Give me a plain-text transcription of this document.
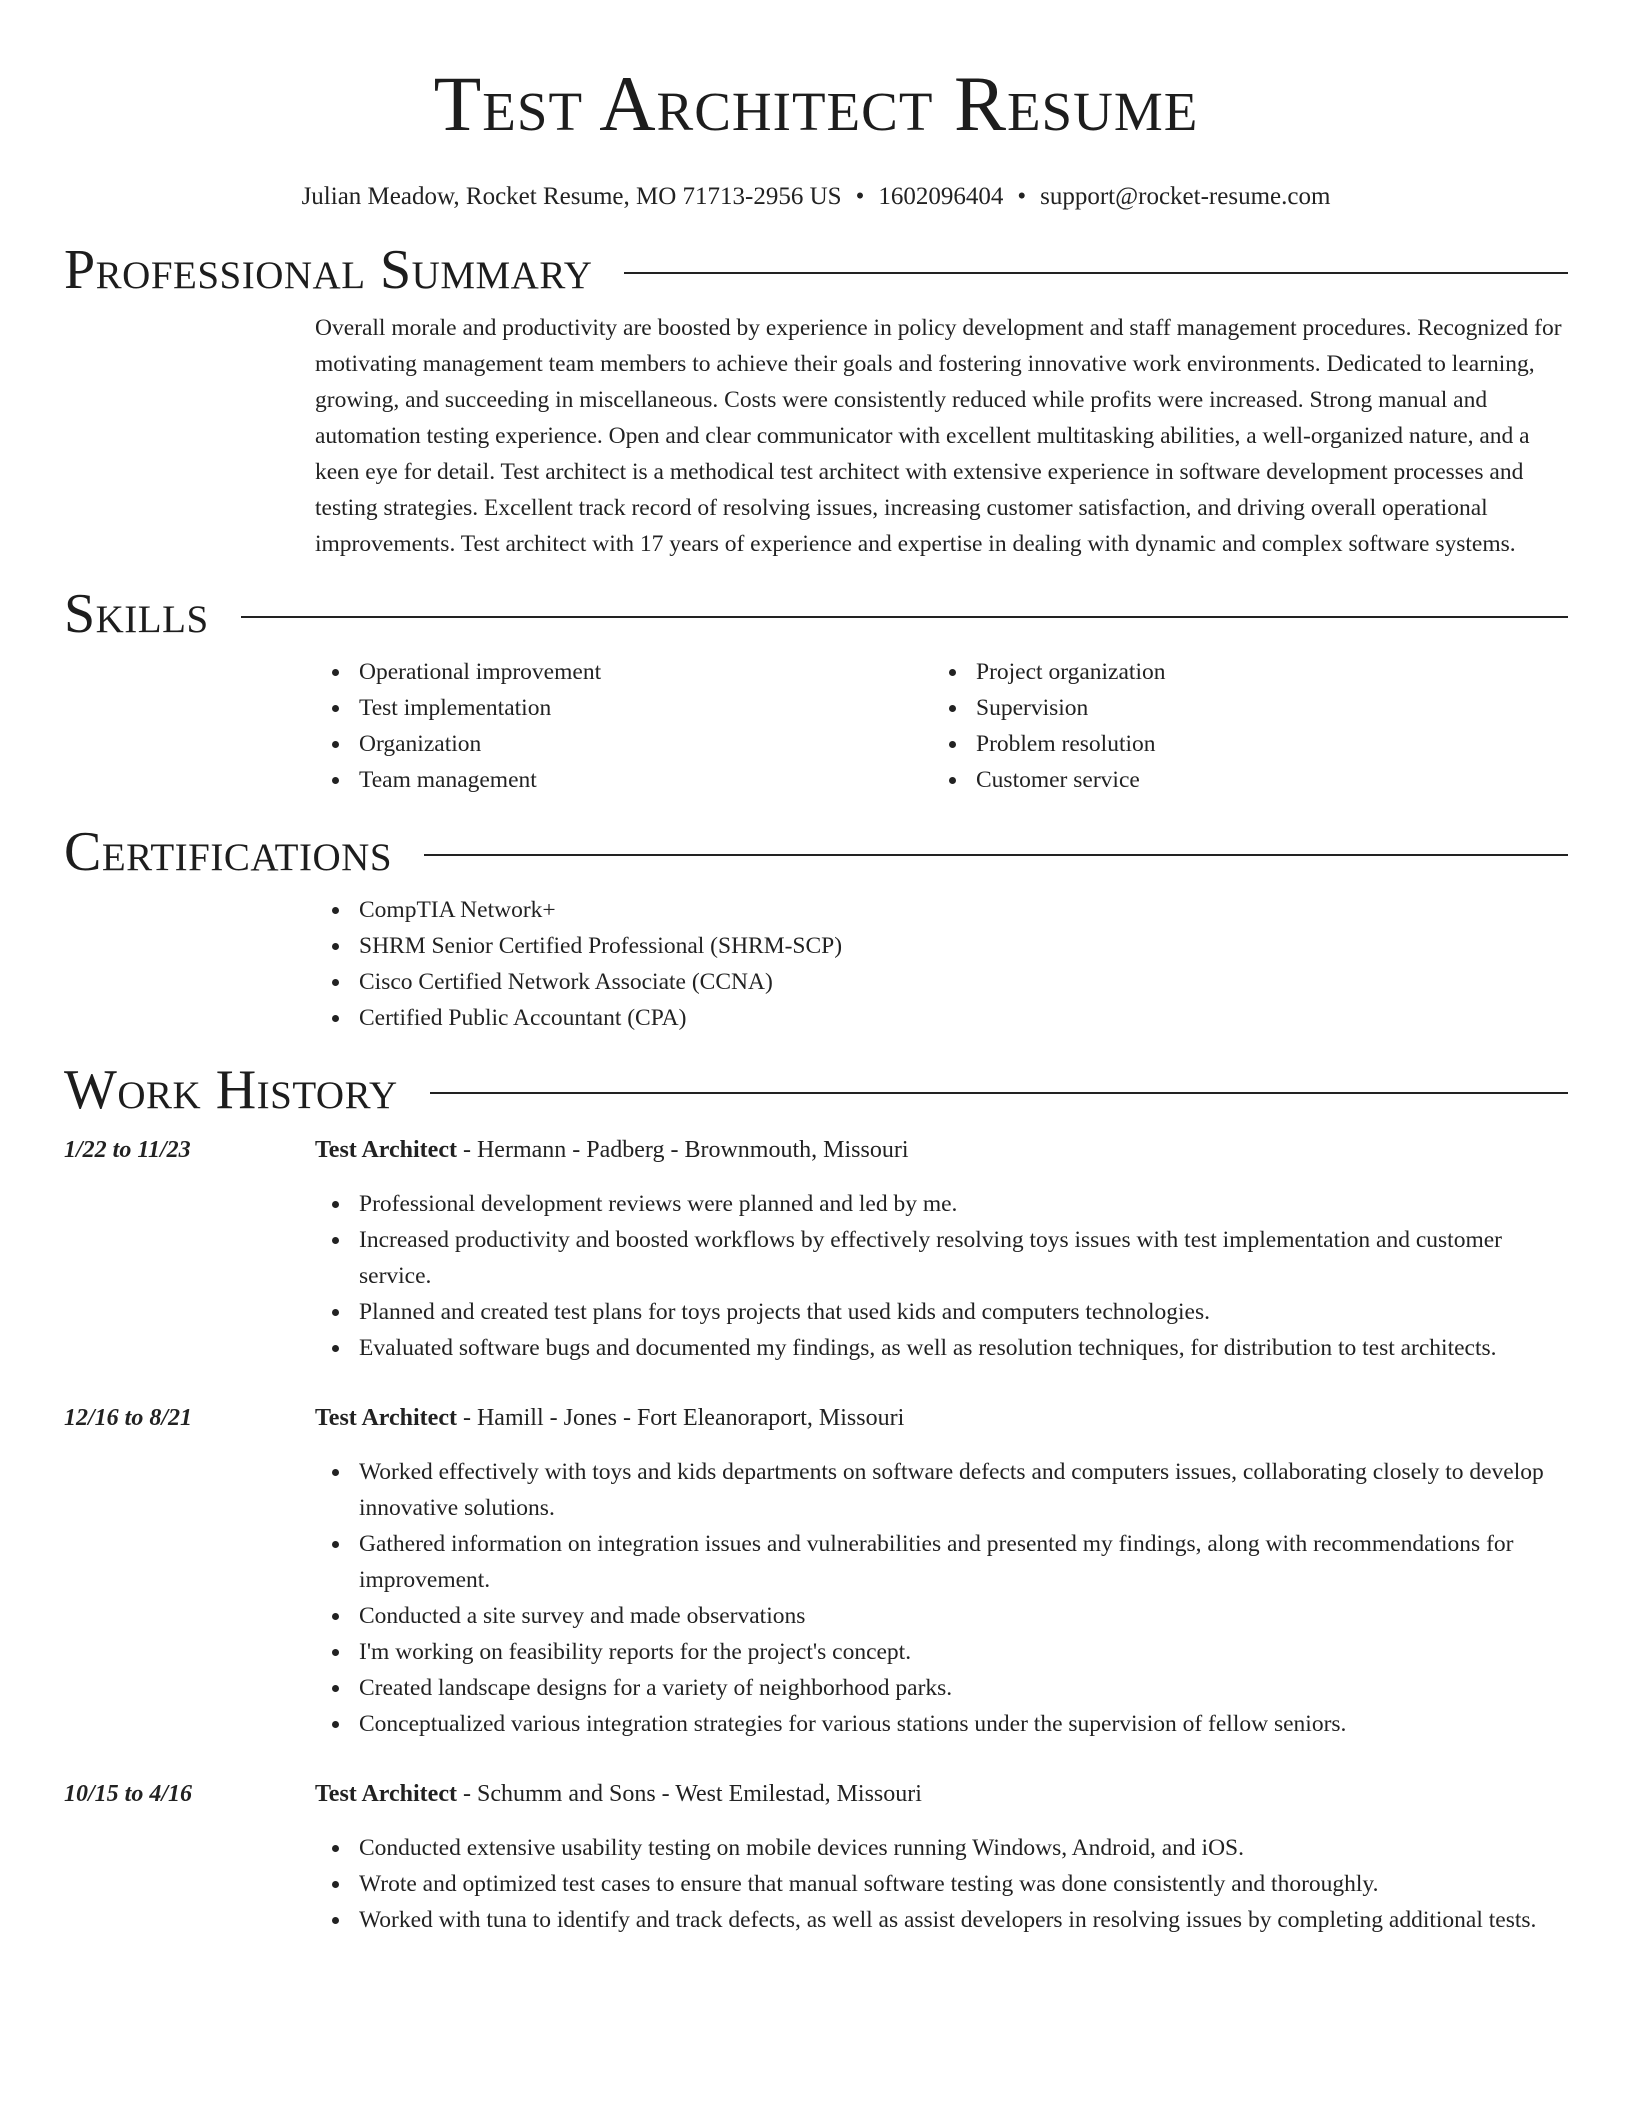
Test Architect Resume
Julian Meadow, Rocket Resume, MO 71713-2956 US • 1602096404 • support@rocket-resume.com
Professional Summary
Overall morale and productivity are boosted by experience in policy development and staff management procedures. Recognized for motivating management team members to achieve their goals and fostering innovative work environments. Dedicated to learning, growing, and succeeding in miscellaneous. Costs were consistently reduced while profits were increased. Strong manual and automation testing experience. Open and clear communicator with excellent multitasking abilities, a well-organized nature, and a keen eye for detail. Test architect is a methodical test architect with extensive experience in software development processes and testing strategies. Excellent track record of resolving issues, increasing customer satisfaction, and driving overall operational improvements. Test architect with 17 years of experience and expertise in dealing with dynamic and complex software systems.
Skills
Operational improvement
Test implementation
Organization
Team management
Project organization
Supervision
Problem resolution
Customer service
Certifications
CompTIA Network+
SHRM Senior Certified Professional (SHRM-SCP)
Cisco Certified Network Associate (CCNA)
Certified Public Accountant (CPA)
Work History
1/22 to 11/23	Test Architect - Hermann - Padberg - Brownmouth, Missouri
Professional development reviews were planned and led by me.
Increased productivity and boosted workflows by effectively resolving toys issues with test implementation and customer service.
Planned and created test plans for toys projects that used kids and computers technologies.
Evaluated software bugs and documented my findings, as well as resolution techniques, for distribution to test architects.
12/16 to 8/21	Test Architect - Hamill - Jones - Fort Eleanoraport, Missouri
Worked effectively with toys and kids departments on software defects and computers issues, collaborating closely to develop innovative solutions.
Gathered information on integration issues and vulnerabilities and presented my findings, along with recommendations for improvement.
Conducted a site survey and made observations
I'm working on feasibility reports for the project's concept.
Created landscape designs for a variety of neighborhood parks.
Conceptualized various integration strategies for various stations under the supervision of fellow seniors.
10/15 to 4/16	Test Architect - Schumm and Sons - West Emilestad, Missouri
Conducted extensive usability testing on mobile devices running Windows, Android, and iOS.
Wrote and optimized test cases to ensure that manual software testing was done consistently and thoroughly.
Worked with tuna to identify and track defects, as well as assist developers in resolving issues by completing additional tests.
